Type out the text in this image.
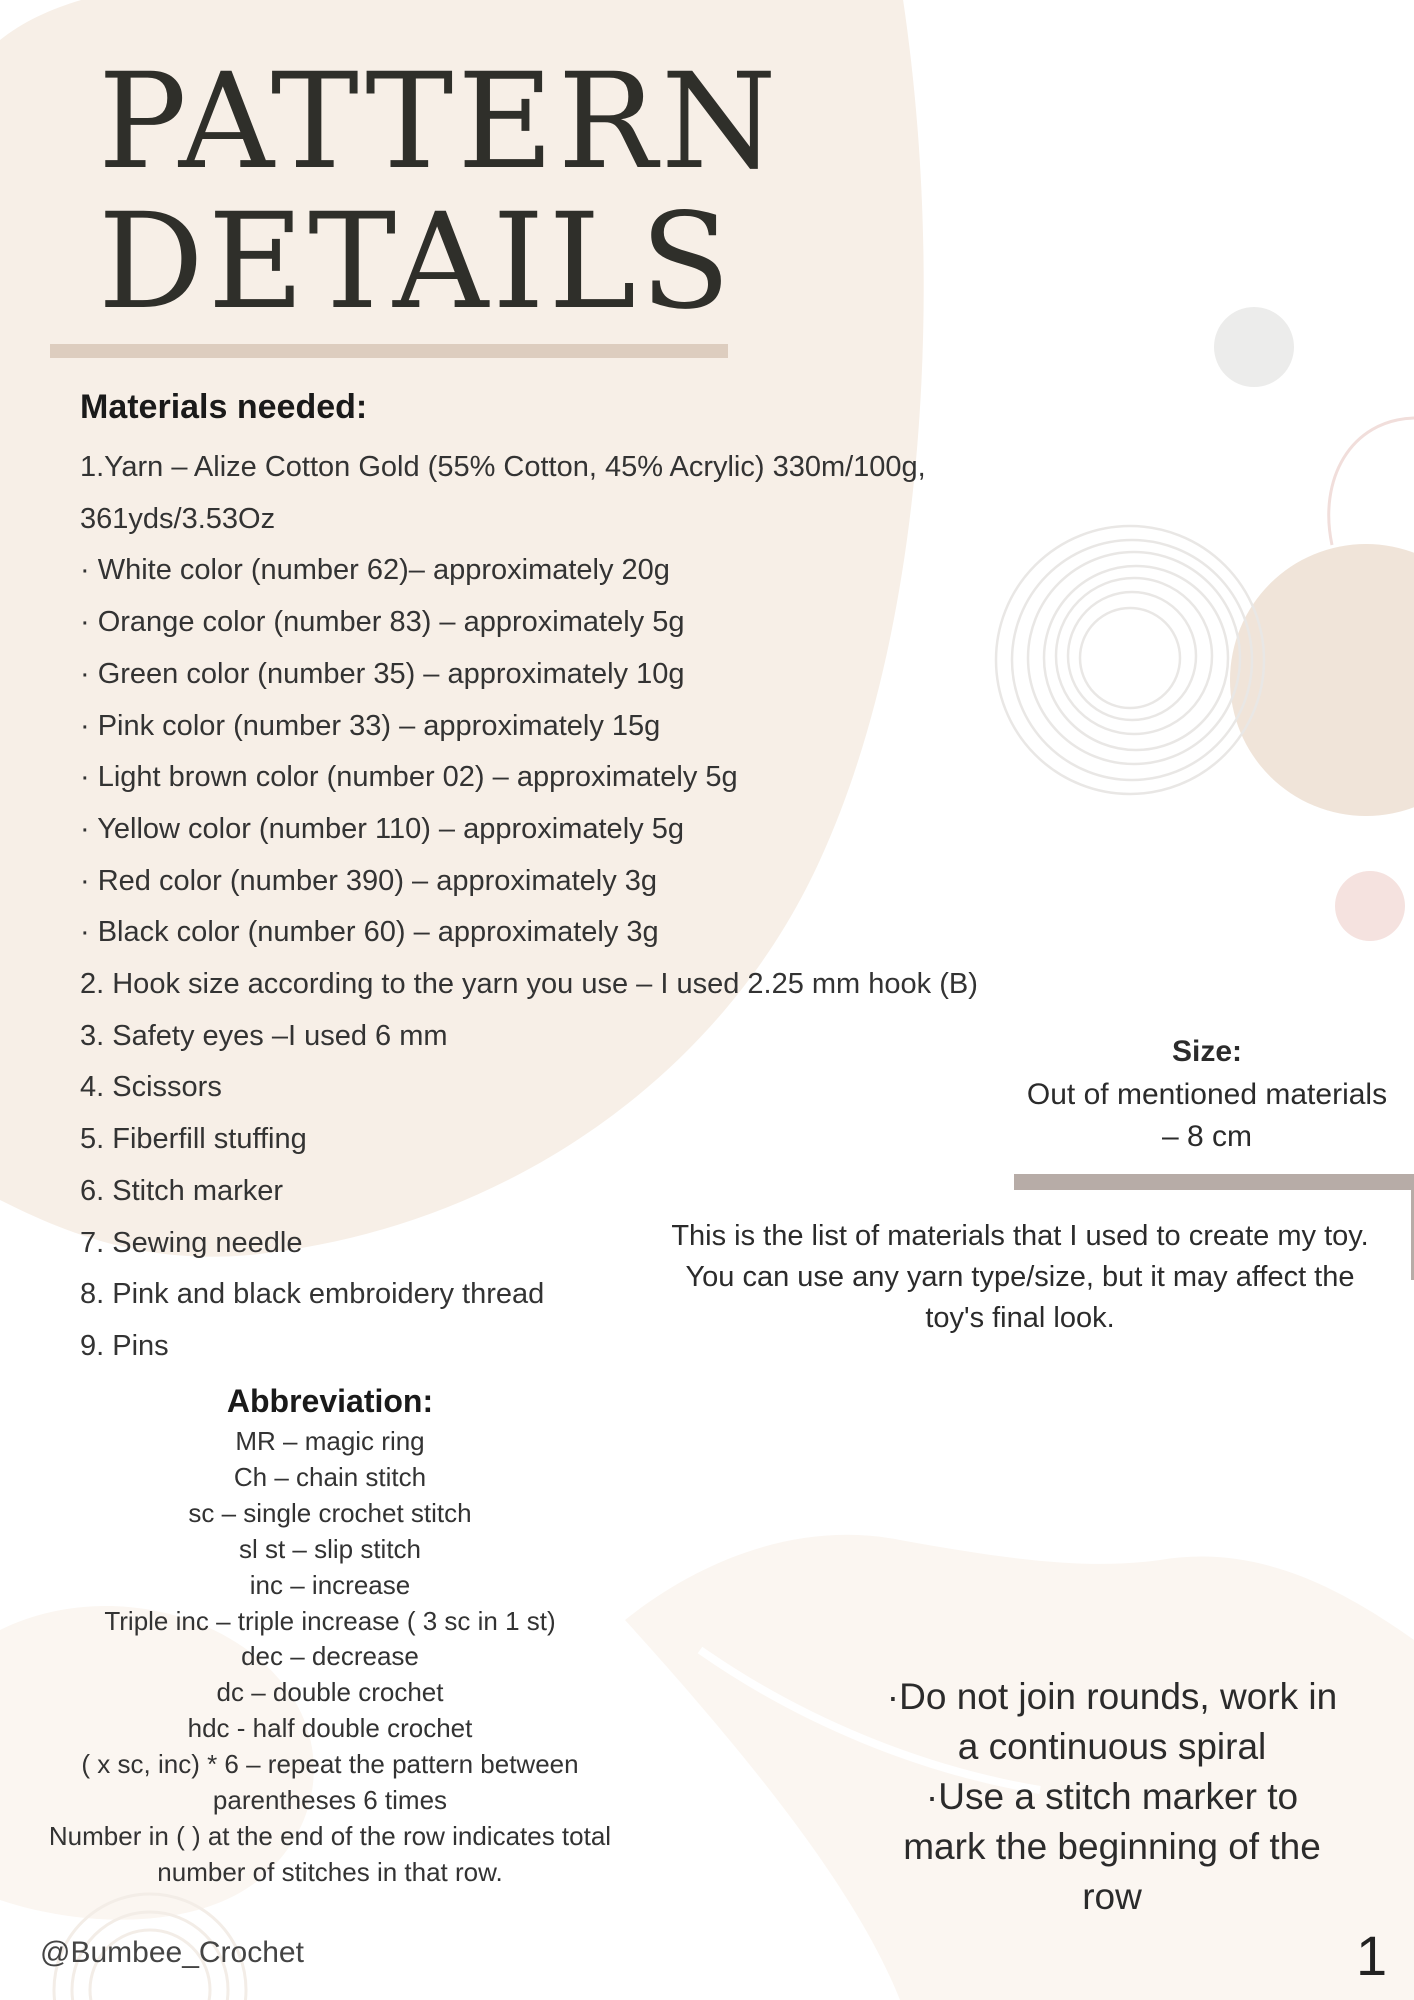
PATTERN
DETAILS
Materials needed:
1.Yarn – Alize Cotton Gold (55% Cotton, 45% Acrylic) 330m/100g,
361yds/3.53Oz
· White color (number 62)– approximately 20g
· Orange color (number 83) – approximately 5g
· Green color (number 35) – approximately 10g
· Pink color (number 33) – approximately 15g
· Light brown color (number 02) – approximately 5g
· Yellow color (number 110) – approximately 5g
· Red color (number 390) – approximately 3g
· Black color (number 60) – approximately 3g
2. Hook size according to the yarn you use – I used 2.25 mm hook (B)
3. Safety eyes –I used 6 mm
4. Scissors
5. Fiberfill stuffing
6. Stitch marker
7. Sewing needle
8. Pink and black embroidery thread
9. Pins
Size:
Out of mentioned materials
– 8 cm
This is the list of materials that I used to create my toy.
You can use any yarn type/size, but it may affect the
toy's final look.
Abbreviation:
MR – magic ring
Ch – chain stitch
sc – single crochet stitch
sl st – slip stitch
inc – increase
Triple inc – triple increase ( 3 sc in 1 st)
dec – decrease
dc – double crochet
hdc - half double crochet
( x sc, inc) * 6 – repeat the pattern between
parentheses 6 times
Number in ( ) at the end of the row indicates total
number of stitches in that row.
·Do not join rounds, work in
a continuous spiral
·Use a stitch marker to
mark the beginning of the
row
@Bumbee_Crochet	1
